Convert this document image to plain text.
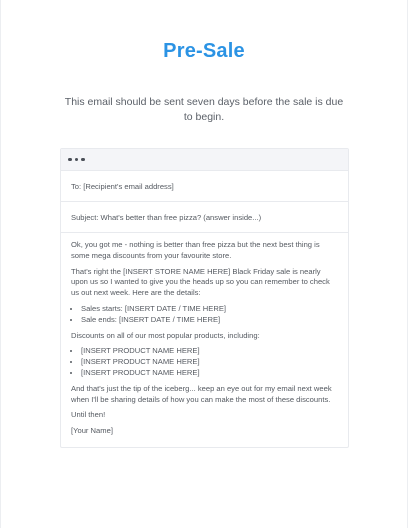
Pre-Sale
This email should be sent seven days before the sale is due to begin.
To: [Recipient's email address]
Subject: What's better than free pizza? (answer inside...)

Ok, you got me - nothing is better than free pizza but the next best thing is some mega discounts from your favourite store.

That's right the [INSERT STORE NAME HERE] Black Friday sale is nearly upon us so I wanted to give you the heads up so you can remember to check us out next week. Here are the details:

• Sales starts: [INSERT DATE / TIME HERE]
• Sale ends: [INSERT DATE / TIME HERE]

Discounts on all of our most popular products, including:

• [INSERT PRODUCT NAME HERE]
• [INSERT PRODUCT NAME HERE]
• [INSERT PRODUCT NAME HERE]

And that's just the tip of the iceberg... keep an eye out for my email next week when I'll be sharing details of how you can make the most of these discounts.

Until then!

[Your Name]
